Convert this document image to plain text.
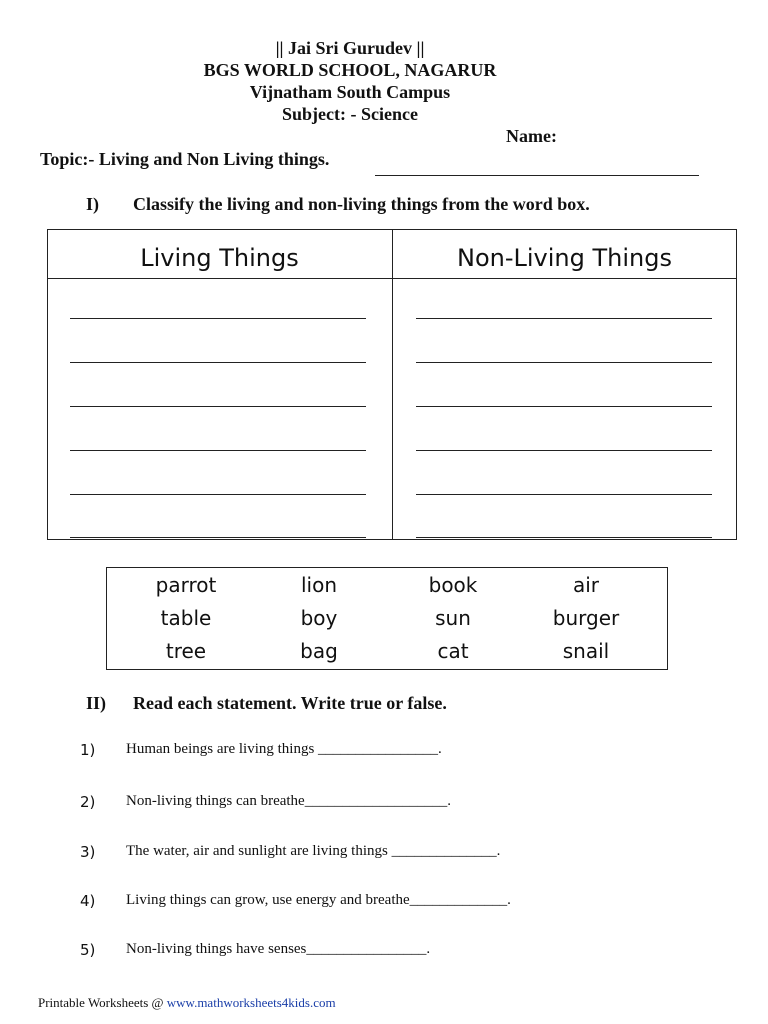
|| Jai Sri Gurudev ||
BGS WORLD SCHOOL, NAGARUR
Vijnatham South Campus
Subject: - Science
Name:
Topic:- Living and Non Living things.
I) Classify the living and non-living things from the word box.
Living Things	Non-Living Things
parrot	lion	book	air
table	boy	sun	burger
tree	bag	cat	snail
II) Read each statement. Write true or false.
1) Human beings are living things ________________.
2) Non-living things can breathe___________________.
3) The water, air and sunlight are living things ______________.
4) Living things can grow, use energy and breathe_____________.
5) Non-living things have senses________________.
Printable Worksheets @ www.mathworksheets4kids.com
